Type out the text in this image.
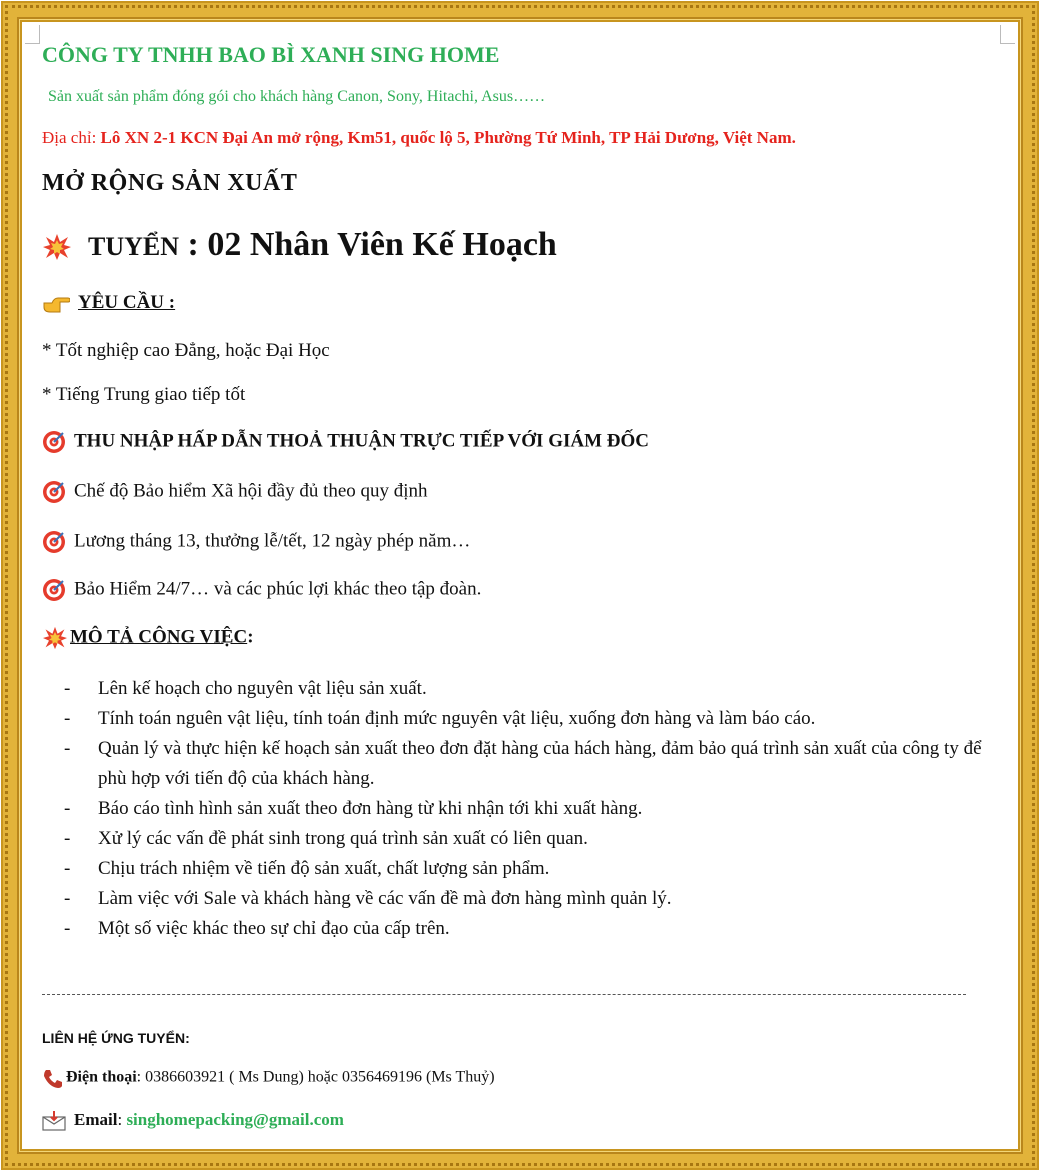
CÔNG TY TNHH BAO BÌ XANH SING HOME
Sản xuất sản phẩm đóng gói cho khách hàng Canon, Sony, Hitachi, Asus……
Địa chỉ: Lô XN 2-1 KCN Đại An mở rộng, Km51, quốc lộ 5, Phường Tứ Minh, TP Hải Dương, Việt Nam.
MỞ RỘNG SẢN XUẤT
TUYỂN : 02 Nhân Viên Kế Hoạch
YÊU CẦU :
* Tốt nghiệp cao Đẳng, hoặc Đại Học
* Tiếng Trung giao tiếp tốt
THU NHẬP HẤP DẪN THOẢ THUẬN TRỰC TIẾP VỚI GIÁM ĐỐC
Chế độ Bảo hiểm Xã hội đầy đủ theo quy định
Lương tháng 13, thưởng lễ/tết, 12 ngày phép năm…
Bảo Hiểm 24/7… và các phúc lợi khác theo tập đoàn.
MÔ TẢ CÔNG VIỆC:
- Lên kế hoạch cho nguyên vật liệu sản xuất.
- Tính toán nguên vật liệu, tính toán định mức nguyên vật liệu, xuống đơn hàng và làm báo cáo.
- Quản lý và thực hiện kế hoạch sản xuất theo đơn đặt hàng của hách hàng, đảm bảo quá trình sản xuất của công ty để phù hợp với tiến độ của khách hàng.
- Báo cáo tình hình sản xuất theo đơn hàng từ khi nhận tới khi xuất hàng.
- Xử lý các vấn đề phát sinh trong quá trình sản xuất có liên quan.
- Chịu trách nhiệm về tiến độ sản xuất, chất lượng sản phẩm.
- Làm việc với Sale và khách hàng về các vấn đề mà đơn hàng mình quản lý.
- Một số việc khác theo sự chỉ đạo của cấp trên.
LIÊN HỆ ỨNG TUYỂN:
Điện thoại: 0386603921 ( Ms Dung) hoặc 0356469196 (Ms Thuỷ)
Email: singhomepacking@gmail.com
